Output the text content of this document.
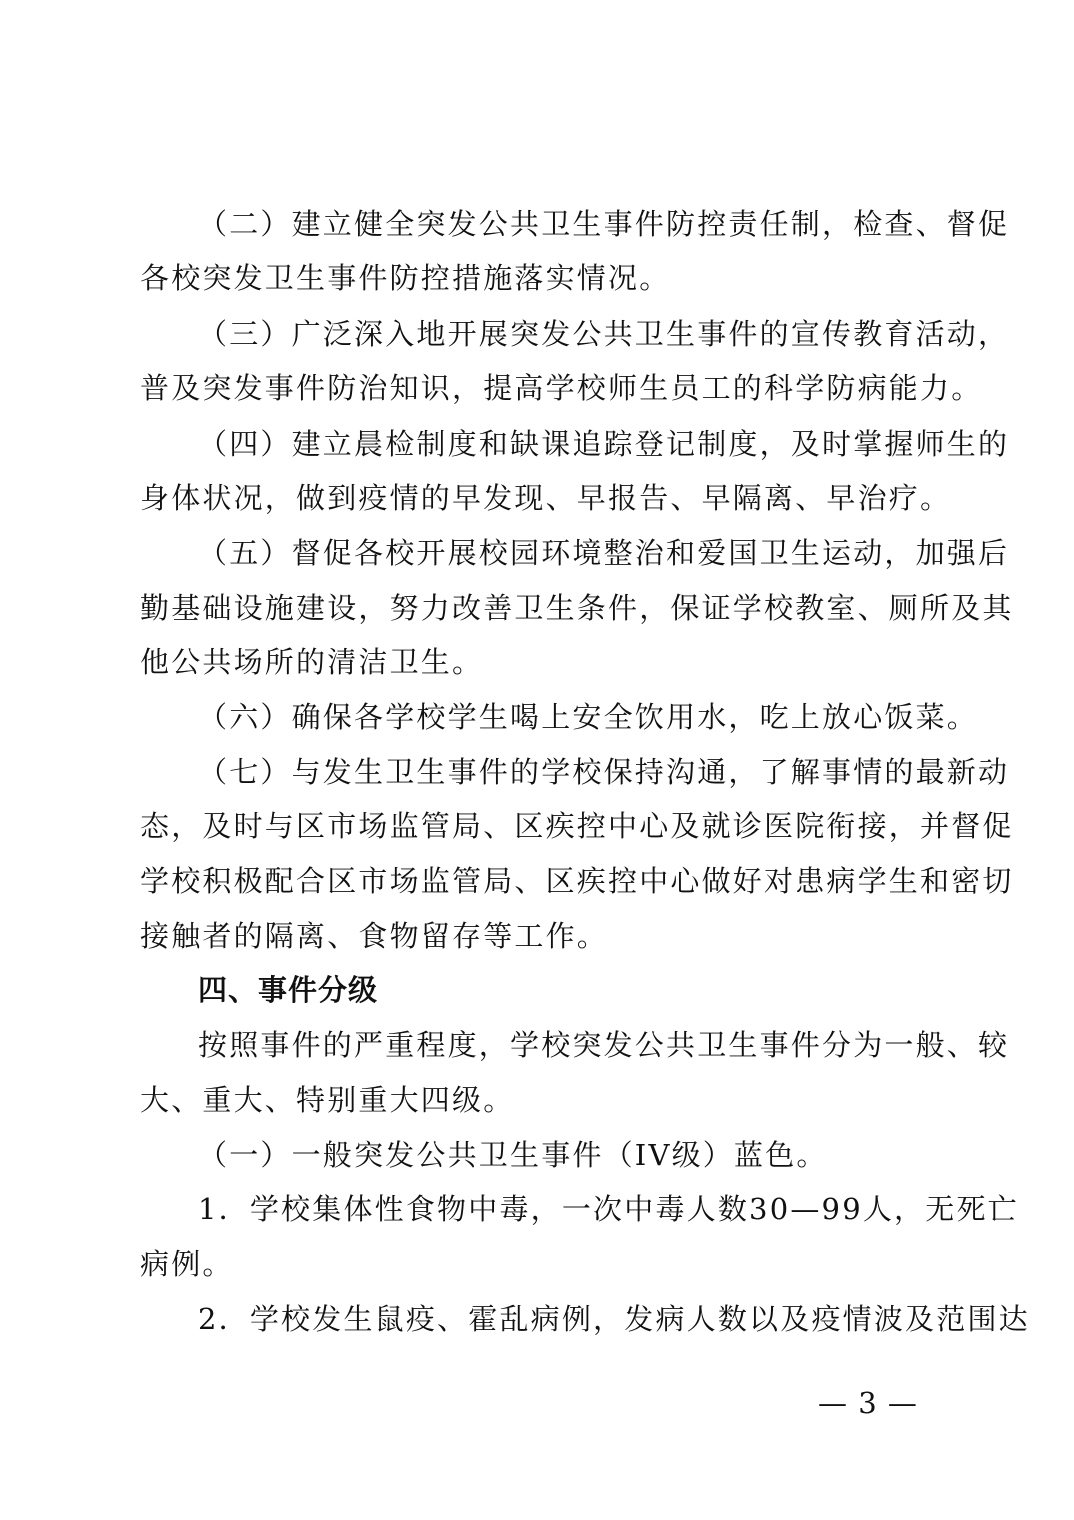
（二）建立健全突发公共卫生事件防控责任制，检查、督促
各校突发卫生事件防控措施落实情况。
（三）广泛深入地开展突发公共卫生事件的宣传教育活动，
普及突发事件防治知识，提高学校师生员工的科学防病能力。
（四）建立晨检制度和缺课追踪登记制度，及时掌握师生的
身体状况，做到疫情的早发现、早报告、早隔离、早治疗。
（五）督促各校开展校园环境整治和爱国卫生运动，加强后
勤基础设施建设，努力改善卫生条件，保证学校教室、厕所及其
他公共场所的清洁卫生。
（六）确保各学校学生喝上安全饮用水，吃上放心饭菜。
（七）与发生卫生事件的学校保持沟通，了解事情的最新动
态，及时与区市场监管局、区疾控中心及就诊医院衔接，并督促
学校积极配合区市场监管局、区疾控中心做好对患病学生和密切
接触者的隔离、食物留存等工作。
四、事件分级
按照事件的严重程度，学校突发公共卫生事件分为一般、较
大、重大、特别重大四级。
（一）一般突发公共卫生事件（IV级）蓝色。
1．学校集体性食物中毒，一次中毒人数30—99人，无死亡
病例。
2．学校发生鼠疫、霍乱病例，发病人数以及疫情波及范围达
— 3 —
